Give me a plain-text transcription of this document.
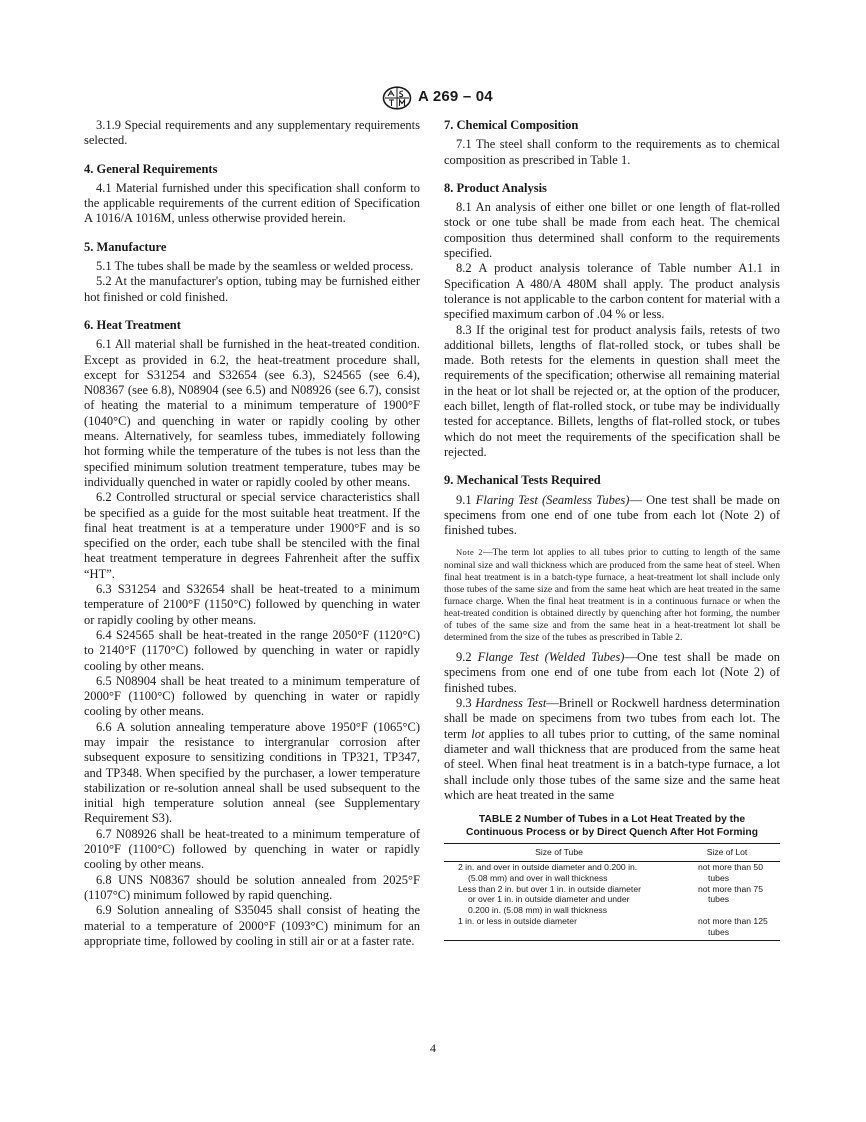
A 269 – 04

3.1.9 Special requirements and any supplementary requirements selected.

4. General Requirements

4.1 Material furnished under this specification shall conform to the applicable requirements of the current edition of Specification A 1016/A 1016M, unless otherwise provided herein.

5. Manufacture

5.1 The tubes shall be made by the seamless or welded process.

5.2 At the manufacturer's option, tubing may be furnished either hot finished or cold finished.

6. Heat Treatment

6.1 All material shall be furnished in the heat-treated condition. Except as provided in 6.2, the heat-treatment procedure shall, except for S31254 and S32654 (see 6.3), S24565 (see 6.4), N08367 (see 6.8), N08904 (see 6.5) and N08926 (see 6.7), consist of heating the material to a minimum temperature of 1900°F (1040°C) and quenching in water or rapidly cooling by other means. Alternatively, for seamless tubes, immediately following hot forming while the temperature of the tubes is not less than the specified minimum solution treatment temperature, tubes may be individually quenched in water or rapidly cooled by other means.

6.2 Controlled structural or special service characteristics shall be specified as a guide for the most suitable heat treatment. If the final heat treatment is at a temperature under 1900°F and is so specified on the order, each tube shall be stenciled with the final heat treatment temperature in degrees Fahrenheit after the suffix “HT”.

6.3 S31254 and S32654 shall be heat-treated to a minimum temperature of 2100°F (1150°C) followed by quenching in water or rapidly cooling by other means.

6.4 S24565 shall be heat-treated in the range 2050°F (1120°C) to 2140°F (1170°C) followed by quenching in water or rapidly cooling by other means.

6.5 N08904 shall be heat treated to a minimum temperature of 2000°F (1100°C) followed by quenching in water or rapidly cooling by other means.

6.6 A solution annealing temperature above 1950°F (1065°C) may impair the resistance to intergranular corrosion after subsequent exposure to sensitizing conditions in TP321, TP347, and TP348. When specified by the purchaser, a lower temperature stabilization or re-solution anneal shall be used subsequent to the initial high temperature solution anneal (see Supplementary Requirement S3).

6.7 N08926 shall be heat-treated to a minimum temperature of 2010°F (1100°C) followed by quenching in water or rapidly cooling by other means.

6.8 UNS N08367 should be solution annealed from 2025°F (1107°C) minimum followed by rapid quenching.

6.9 Solution annealing of S35045 shall consist of heating the material to a temperature of 2000°F (1093°C) minimum for an appropriate time, followed by cooling in still air or at a faster rate.

7. Chemical Composition

7.1 The steel shall conform to the requirements as to chemical composition as prescribed in Table 1.

8. Product Analysis

8.1 An analysis of either one billet or one length of flat-rolled stock or one tube shall be made from each heat. The chemical composition thus determined shall conform to the requirements specified.

8.2 A product analysis tolerance of Table number A1.1 in Specification A 480/A 480M shall apply. The product analysis tolerance is not applicable to the carbon content for material with a specified maximum carbon of .04 % or less.

8.3 If the original test for product analysis fails, retests of two additional billets, lengths of flat-rolled stock, or tubes shall be made. Both retests for the elements in question shall meet the requirements of the specification; otherwise all remaining material in the heat or lot shall be rejected or, at the option of the producer, each billet, length of flat-rolled stock, or tube may be individually tested for acceptance. Billets, lengths of flat-rolled stock, or tubes which do not meet the requirements of the specification shall be rejected.

9. Mechanical Tests Required

9.1 Flaring Test (Seamless Tubes)— One test shall be made on specimens from one end of one tube from each lot (Note 2) of finished tubes.

Note 2—The term lot applies to all tubes prior to cutting to length of the same nominal size and wall thickness which are produced from the same heat of steel. When final heat treatment is in a batch-type furnace, a heat-treatment lot shall include only those tubes of the same size and from the same heat which are heat treated in the same furnace charge. When the final heat treatment is in a continuous furnace or when the heat-treated condition is obtained directly by quenching after hot forming, the number of tubes of the same size and from the same heat in a heat-treatment lot shall be determined from the size of the tubes as prescribed in Table 2.

9.2 Flange Test (Welded Tubes)—One test shall be made on specimens from one end of one tube from each lot (Note 2) of finished tubes.

9.3 Hardness Test—Brinell or Rockwell hardness determination shall be made on specimens from two tubes from each lot. The term lot applies to all tubes prior to cutting, of the same nominal diameter and wall thickness that are produced from the same heat of steel. When final heat treatment is in a batch-type furnace, a lot shall include only those tubes of the same size and the same heat which are heat treated in the same

TABLE 2 Number of Tubes in a Lot Heat Treated by the
Continuous Process or by Direct Quench After Hot Forming
Size of Tube	Size of Lot
2 in. and over in outside diameter and 0.200 in.
(5.08 mm) and over in wall thickness	not more than 50
tubes

Less than 2 in. but over 1 in. in outside diameter
or over 1 in. in outside diameter and under
0.200 in. (5.08 mm) in wall thickness	not more than 75
tubes

1 in. or less in outside diameter	not more than 125
tubes
4
